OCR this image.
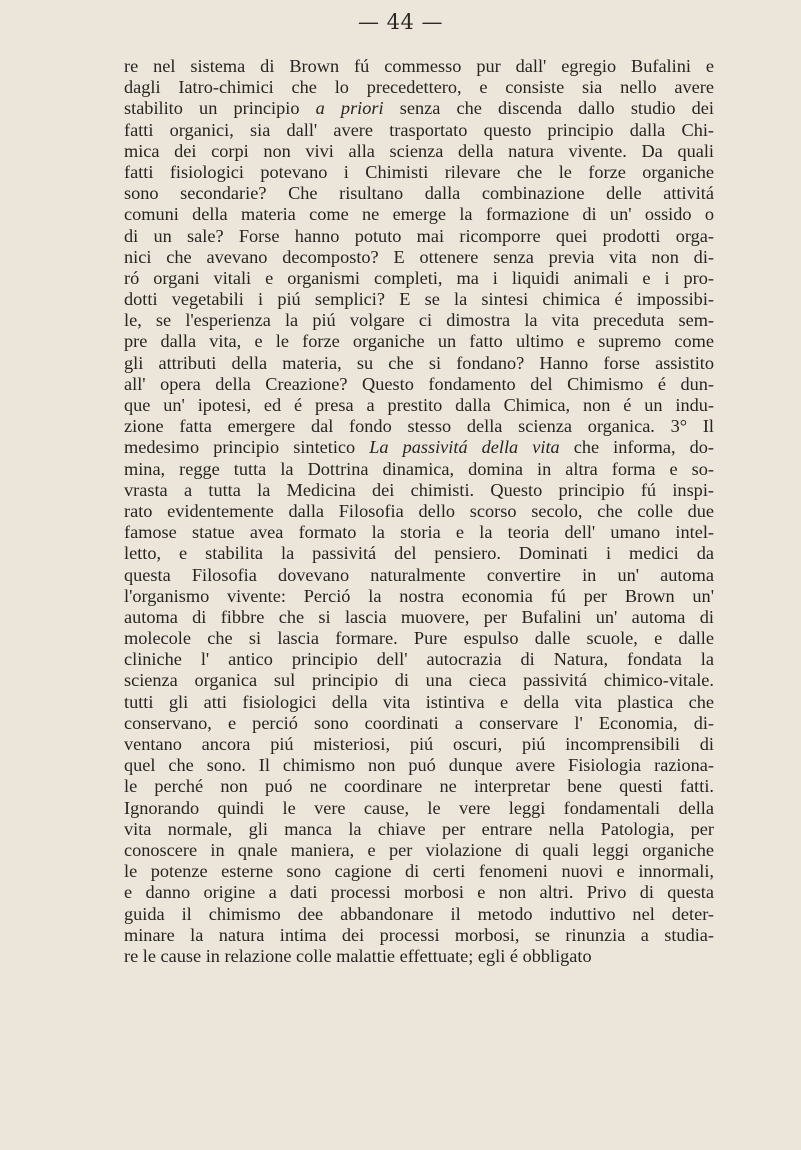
— 44 —
re nel sistema di Brown fú commesso pur dall' egregio Bufalini e
dagli Iatro-chimici che lo precedettero, e consiste sia nello avere
stabilito un principio a priori senza che discenda dallo studio dei
fatti organici, sia dall' avere trasportato questo principio dalla Chi-
mica dei corpi non vivi alla scienza della natura vivente. Da quali
fatti fisiologici potevano i Chimisti rilevare che le forze organiche
sono secondarie? Che risultano dalla combinazione delle attivitá
comuni della materia come ne emerge la formazione di un' ossido o
di un sale? Forse hanno potuto mai ricomporre quei prodotti orga-
nici che avevano decomposto? E ottenere senza previa vita non di-
ró organi vitali e organismi completi, ma i liquidi animali e i pro-
dotti vegetabili i piú semplici? E se la sintesi chimica é impossibi-
le, se l'esperienza la piú volgare ci dimostra la vita preceduta sem-
pre dalla vita, e le forze organiche un fatto ultimo e supremo come
gli attributi della materia, su che si fondano? Hanno forse assistito
all' opera della Creazione? Questo fondamento del Chimismo é dun-
que un' ipotesi, ed é presa a prestito dalla Chimica, non é un indu-
zione fatta emergere dal fondo stesso della scienza organica. 3° Il
medesimo principio sintetico La passivitá della vita che informa, do-
mina, regge tutta la Dottrina dinamica, domina in altra forma e so-
vrasta a tutta la Medicina dei chimisti. Questo principio fú inspi-
rato evidentemente dalla Filosofia dello scorso secolo, che colle due
famose statue avea formato la storia e la teoria dell' umano intel-
letto, e stabilita la passivitá del pensiero. Dominati i medici da
questa Filosofia dovevano naturalmente convertire in un' automa
l'organismo vivente: Perció la nostra economia fú per Brown un'
automa di fibbre che si lascia muovere, per Bufalini un' automa di
molecole che si lascia formare. Pure espulso dalle scuole, e dalle
cliniche l' antico principio dell' autocrazia di Natura, fondata la
scienza organica sul principio di una cieca passivitá chimico-vitale.
tutti gli atti fisiologici della vita istintiva e della vita plastica che
conservano, e perció sono coordinati a conservare l' Economia, di-
ventano ancora piú misteriosi, piú oscuri, piú incomprensibili di
quel che sono. Il chimismo non puó dunque avere Fisiologia raziona-
le perché non puó ne coordinare ne interpretar bene questi fatti.
Ignorando quindi le vere cause, le vere leggi fondamentali della
vita normale, gli manca la chiave per entrare nella Patologia, per
conoscere in qnale maniera, e per violazione di quali leggi organiche
le potenze esterne sono cagione di certi fenomeni nuovi e innormali,
e danno origine a dati processi morbosi e non altri. Privo di questa
guida il chimismo dee abbandonare il metodo induttivo nel deter-
minare la natura intima dei processi morbosi, se rinunzia a studia-
re le cause in relazione colle malattie effettuate; egli é obbligato
